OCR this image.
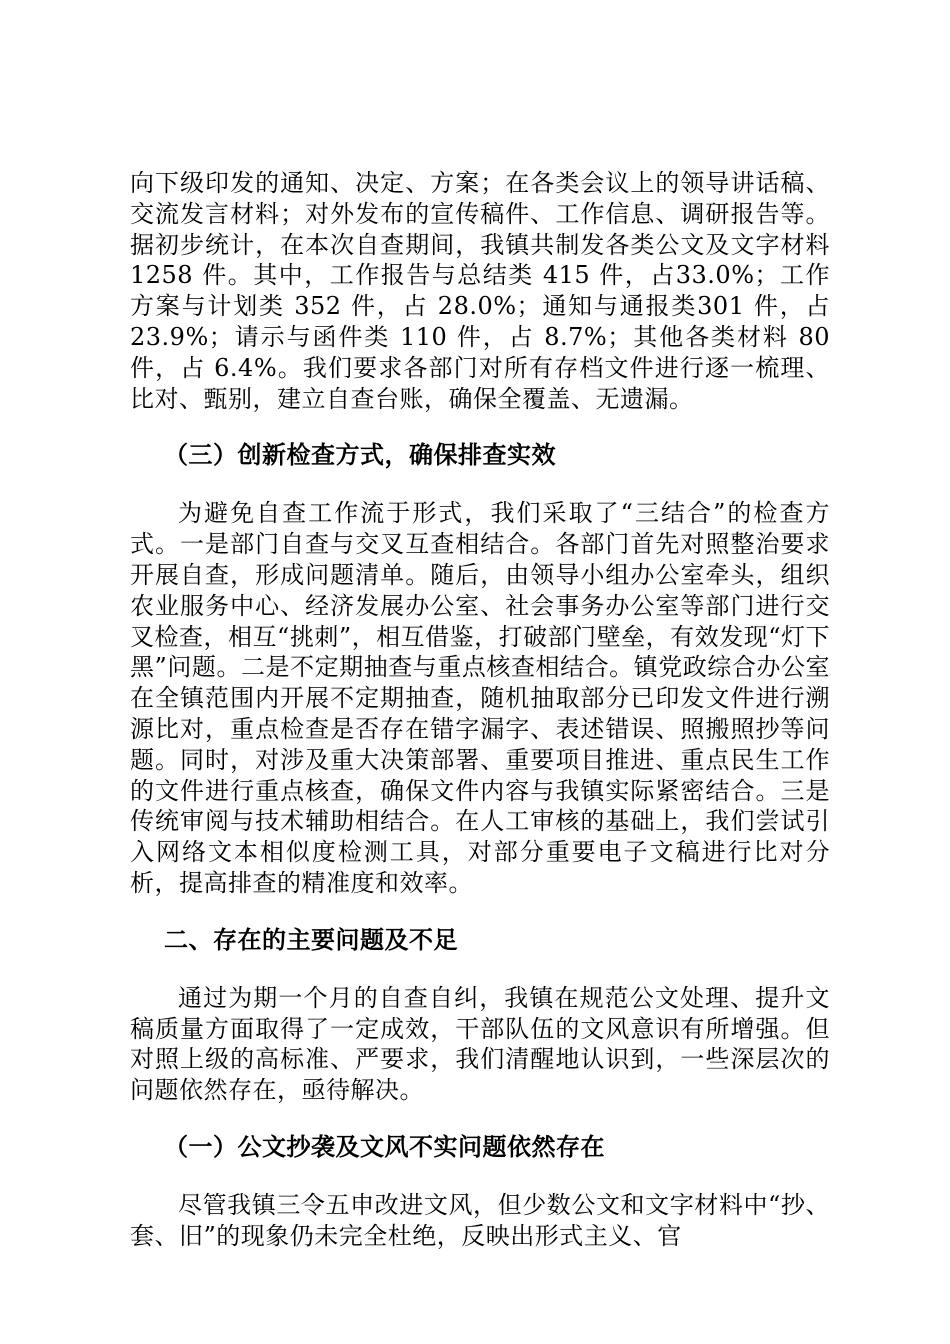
向下级印发的通知、决定、方案；在各类会议上的领导讲话稿、交流发言材料；对外发布的宣传稿件、工作信息、调研报告等。据初步统计，在本次自查期间，我镇共制发各类公文及文字材料 1258 件。其中，工作报告与总结类 415 件，占33.0%；工作方案与计划类 352 件，占 28.0%；通知与通报类301 件，占 23.9%；请示与函件类 110 件，占 8.7%；其他各类材料 80 件，占 6.4%。我们要求各部门对所有存档文件进行逐一梳理、比对、甄别，建立自查台账，确保全覆盖、无遗漏。

（三）创新检查方式，确保排查实效

为避免自查工作流于形式，我们采取了“三结合”的检查方式。一是部门自查与交叉互查相结合。各部门首先对照整治要求开展自查，形成问题清单。随后，由领导小组办公室牵头，组织农业服务中心、经济发展办公室、社会事务办公室等部门进行交叉检查，相互“挑刺”，相互借鉴，打破部门壁垒，有效发现“灯下黑”问题。二是不定期抽查与重点核查相结合。镇党政综合办公室在全镇范围内开展不定期抽查，随机抽取部分已印发文件进行溯源比对，重点检查是否存在错字漏字、表述错误、照搬照抄等问题。同时，对涉及重大决策部署、重要项目推进、重点民生工作的文件进行重点核查，确保文件内容与我镇实际紧密结合。三是传统审阅与技术辅助相结合。在人工审核的基础上，我们尝试引入网络文本相似度检测工具，对部分重要电子文稿进行比对分析，提高排查的精准度和效率。

二、存在的主要问题及不足

通过为期一个月的自查自纠，我镇在规范公文处理、提升文稿质量方面取得了一定成效，干部队伍的文风意识有所增强。但对照上级的高标准、严要求，我们清醒地认识到，一些深层次的问题依然存在，亟待解决。

（一）公文抄袭及文风不实问题依然存在

尽管我镇三令五申改进文风，但少数公文和文字材料中“抄、套、旧”的现象仍未完全杜绝，反映出形式主义、官
